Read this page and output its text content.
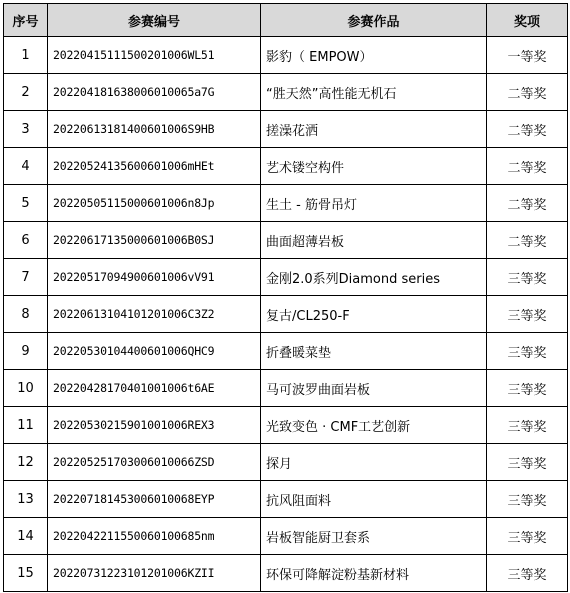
序号	参赛编号	参赛作品	奖项
1	20220415111500201006WL51	影豹（ EMPOW）	一等奖
2	202204181638006010065a7G	“胜天然”高性能无机石	二等奖
3	20220613181400601006S9HB	搓澡花洒	二等奖
4	20220524135600601006mHEt	艺术镂空构件	二等奖
5	20220505115000601006n8Jp	生土 - 筋骨吊灯	二等奖
6	20220617135000601006B0SJ	曲面超薄岩板	二等奖
7	20220517094900601006vV91	金刚2.0系列Diamond series	三等奖
8	20220613104101201006C3Z2	复古/CL250-F	三等奖
9	20220530104400601006QHC9	折叠暖菜垫	三等奖
10	20220428170401001006t6AE	马可波罗曲面岩板	三等奖
11	20220530215901001006REX3	光致变色 · CMF工艺创新	三等奖
12	202205251703006010066ZSD	探月	三等奖
13	202207181453006010068EYP	抗风阻面料	三等奖
14	2022042211550060100685nm	岩板智能厨卫套系	三等奖
15	20220731223101201006KZII	环保可降解淀粉基新材料	三等奖
